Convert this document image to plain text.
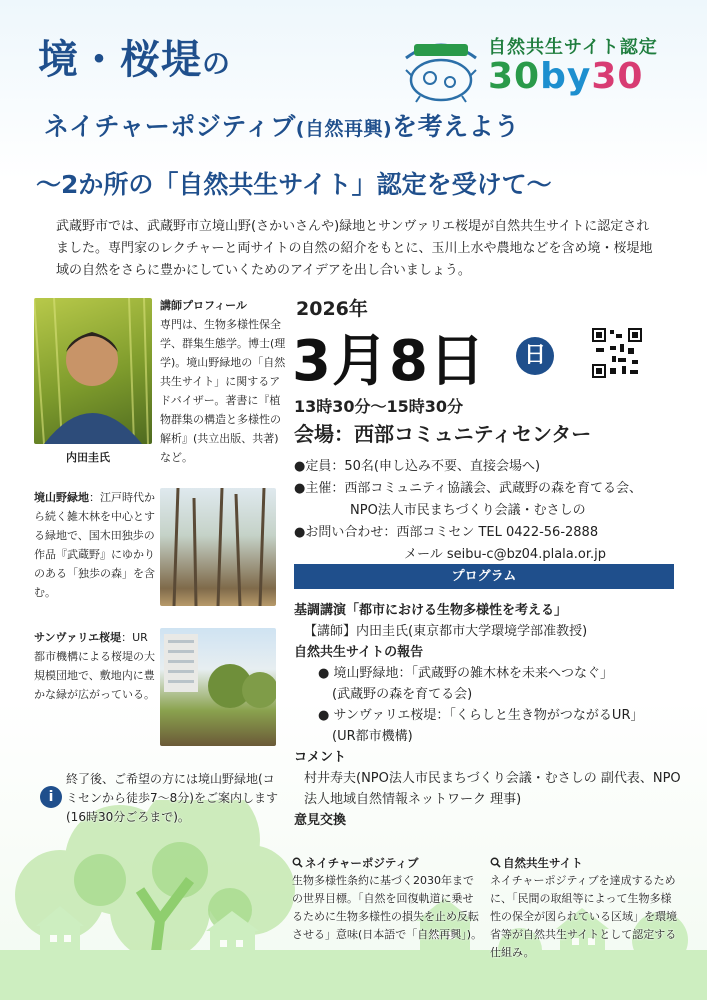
境・桜堤の
ネイチャーポジティブ(自然再興)を考えよう
〜2か所の「自然共生サイト」認定を受けて〜
自然共生サイト認定
30by30
武蔵野市では、武蔵野市立境山野(さかいさんや)緑地とサンヴァリエ桜堤が自然共生サイトに認定されました。専門家のレクチャーと両サイトの自然の紹介をもとに、玉川上水や農地などを含め境・桜堤地域の自然をさらに豊かにしていくためのアイデアを出し合いましょう。
内田圭氏
講師プロフィール
専門は、生物多様性保全学、群集生態学。博士(理学)。境山野緑地の「自然共生サイト」に関するアドバイザー。著書に『植物群集の構造と多様性の解析』(共立出版、共著)など。
境山野緑地：江戸時代から続く雑木林を中心とする緑地で、国木田独歩の作品『武蔵野』にゆかりのある「独歩の森」を含む。
サンヴァリエ桜堤：UR都市機構による桜堤の大規模団地で、敷地内に豊かな緑が広がっている。
2026年
3月8日	日
13時30分〜15時30分
会場：西部コミュニティセンター
●定員：50名(申し込み不要、直接会場へ)
●主催：西部コミュニティ協議会、武蔵野の森を育てる会、
NPO法人市民まちづくり会議・むさしの
●お問い合わせ：西部コミセン TEL 0422-56-2888
メール seibu-c@bz04.plala.or.jp
プログラム
基調講演「都市における生物多様性を考える」
【講師】内田圭氏(東京都市大学環境学部准教授)
自然共生サイトの報告
● 境山野緑地：「武蔵野の雑木林を未来へつなぐ」
(武蔵野の森を育てる会)
● サンヴァリエ桜堤：「くらしと生き物がつながるUR」
(UR都市機構)
コメント
村井寿夫(NPO法人市民まちづくり会議・むさしの 副代表、NPO法人地域自然情報ネットワーク 理事)
意見交換
i
終了後、ご希望の方には境山野緑地(コミセンから徒歩7〜8分)をご案内します(16時30分ごろまで)。
ネイチャーポジティブ
生物多様性条約に基づく2030年までの世界目標。「自然を回復軌道に乗せるために生物多様性の損失を止め反転させる」意味(日本語で「自然再興」)。
自然共生サイト
ネイチャーポジティブを達成するために、「民間の取組等によって生物多様性の保全が図られている区域」を環境省等が自然共生サイトとして認定する仕組み。
